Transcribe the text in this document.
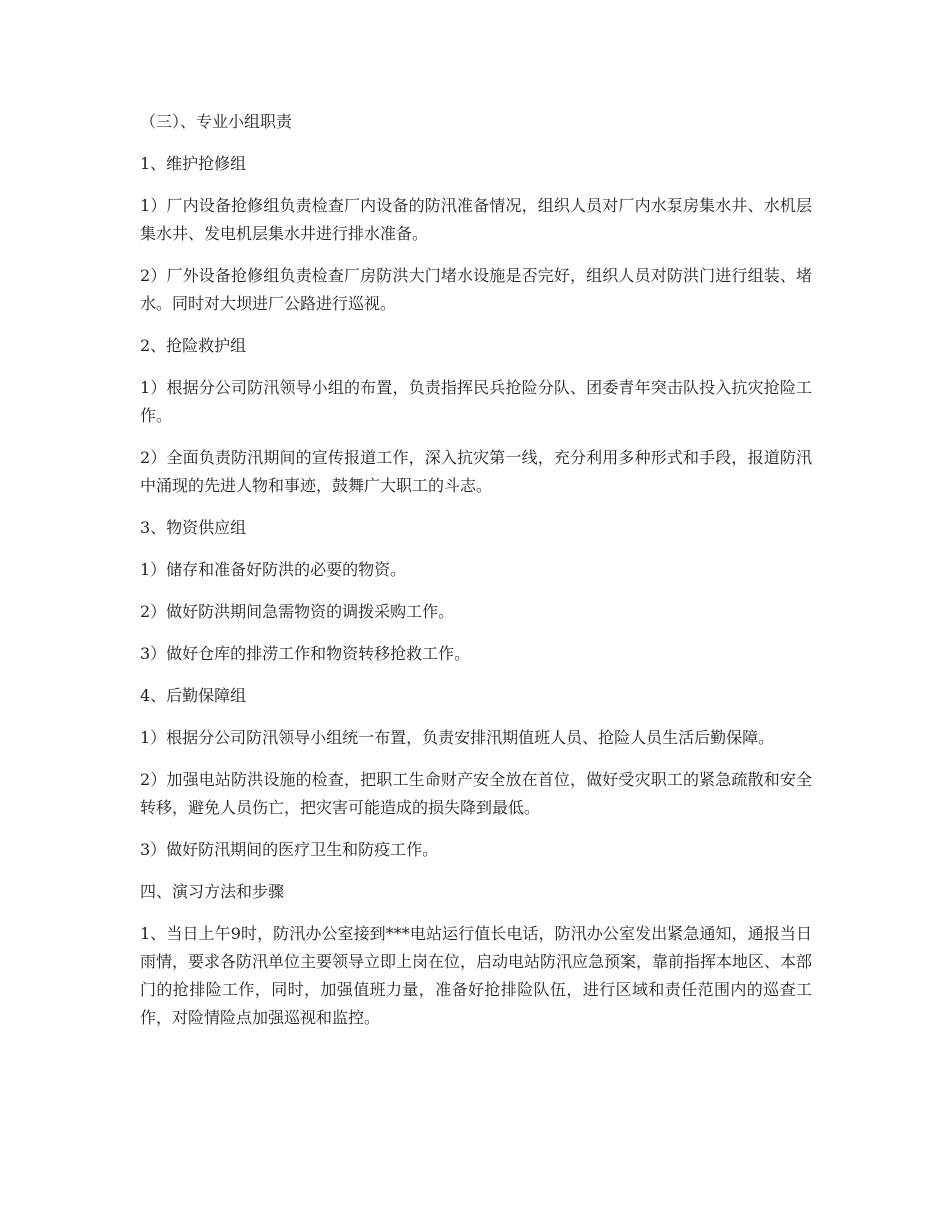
（三）、专业小组职责

1、维护抢修组

1）厂内设备抢修组负责检查厂内设备的防汛准备情况，组织人员对厂内水泵房集水井、水机层集水井、发电机层集水井进行排水准备。

2）厂外设备抢修组负责检查厂房防洪大门堵水设施是否完好，组织人员对防洪门进行组装、堵水。同时对大坝进厂公路进行巡视。

2、抢险救护组

1）根据分公司防汛领导小组的布置，负责指挥民兵抢险分队、团委青年突击队投入抗灾抢险工作。

2）全面负责防汛期间的宣传报道工作，深入抗灾第一线，充分利用多种形式和手段，报道防汛中涌现的先进人物和事迹，鼓舞广大职工的斗志。

3、物资供应组

1）储存和准备好防洪的必要的物资。

2）做好防洪期间急需物资的调拨采购工作。

3）做好仓库的排涝工作和物资转移抢救工作。

4、后勤保障组

1）根据分公司防汛领导小组统一布置，负责安排汛期值班人员、抢险人员生活后勤保障。

2）加强电站防洪设施的检查，把职工生命财产安全放在首位，做好受灾职工的紧急疏散和安全转移，避免人员伤亡，把灾害可能造成的损失降到最低。

3）做好防汛期间的医疗卫生和防疫工作。

四、演习方法和步骤

1、当日上午9时，防汛办公室接到***电站运行值长电话，防汛办公室发出紧急通知，通报当日雨情，要求各防汛单位主要领导立即上岗在位，启动电站防汛应急预案，靠前指挥本地区、本部门的抢排险工作，同时，加强值班力量，准备好抢排险队伍，进行区域和责任范围内的巡查工作，对险情险点加强巡视和监控。
